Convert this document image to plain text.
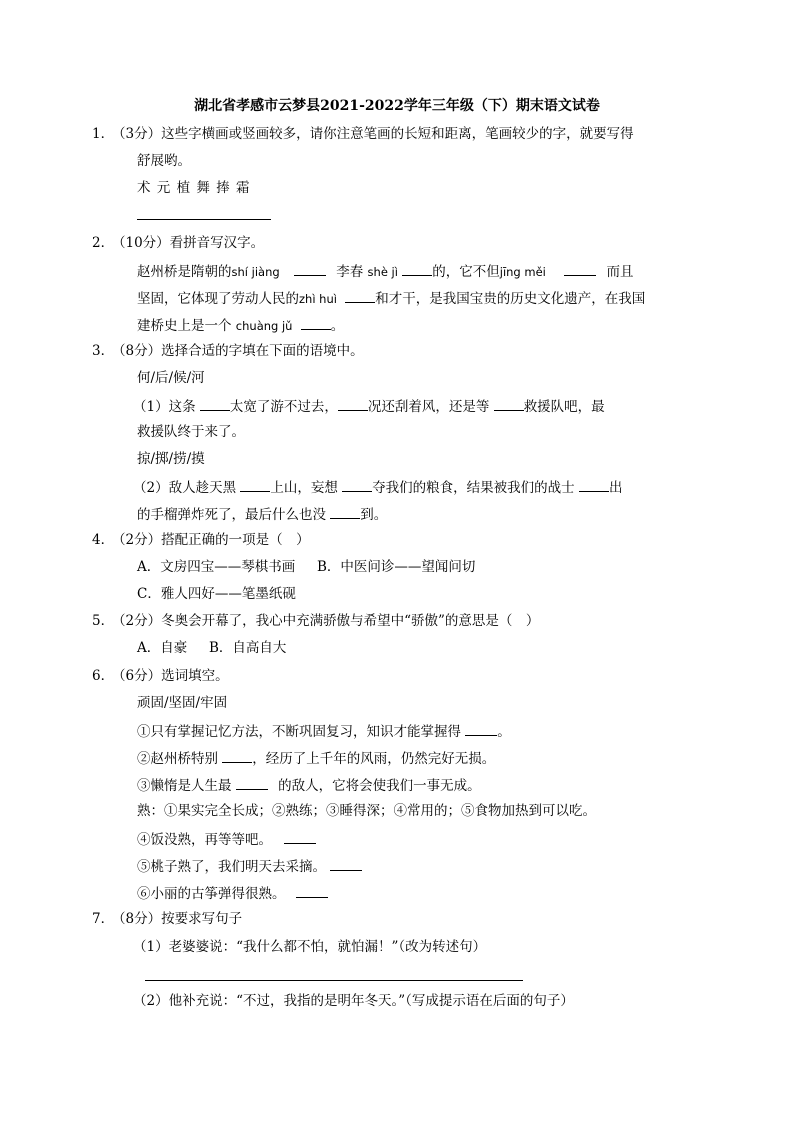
湖北省孝感市云梦县2021-2022学年三年级（下）期末语文试卷
1．
（3分）这些字横画或竖画较多，请你注意笔画的长短和距离，笔画较少的字，就要写得
舒展哟。
术 元 植 舞 捧 霜
2．
（10分）看拼音写汉字。
赵州桥是隋朝的shí jiàng	李春 shè jì	的，它不但jīng měi	而且
坚固，它体现了劳动人民的zhì huì	和才干，是我国宝贵的历史文化遗产，在我国
建桥史上是一个 chuàng jǔ	。
3．
（8分）选择合适的字填在下面的语境中。
何/后/候/河
（1）这条	太宽了游不过去， 况还刮着风，还是等	救援队吧，最
救援队终于来了。
掠/掷/捞/摸
（2）敌人趁天黑	上山，妄想	夺我们的粮食，结果被我们的战士	出
的手榴弹炸死了，最后什么也没	到。
4．
（2分）搭配正确的一项是（　）
A．文房四宝——琴棋书画 B．中医问诊——望闻问切
C．雅人四好——笔墨纸砚
5．
（2分）冬奥会开幕了，我心中充满骄傲与希望中“骄傲”的意思是（　）
A．自豪 B．自高自大
6．
（6分）选词填空。
顽固/坚固/牢固
①只有掌握记忆方法，不断巩固复习，知识才能掌握得	。
②赵州桥特别	，经历了上千年的风雨，仍然完好无损。
③懒惰是人生最	的敌人，它将会使我们一事无成。
熟：①果实完全长成；②熟练；③睡得深；④常用的；⑤食物加热到可以吃。
④饭没熟，再等等吧。
⑤桃子熟了，我们明天去采摘。
⑥小丽的古筝弹得很熟。
7．
（8分）按要求写句子
（1）老婆婆说：“我什么都不怕，就怕漏！”（改为转述句）
（2）他补充说：“不过，我指的是明年冬天。”（写成提示语在后面的句子）
